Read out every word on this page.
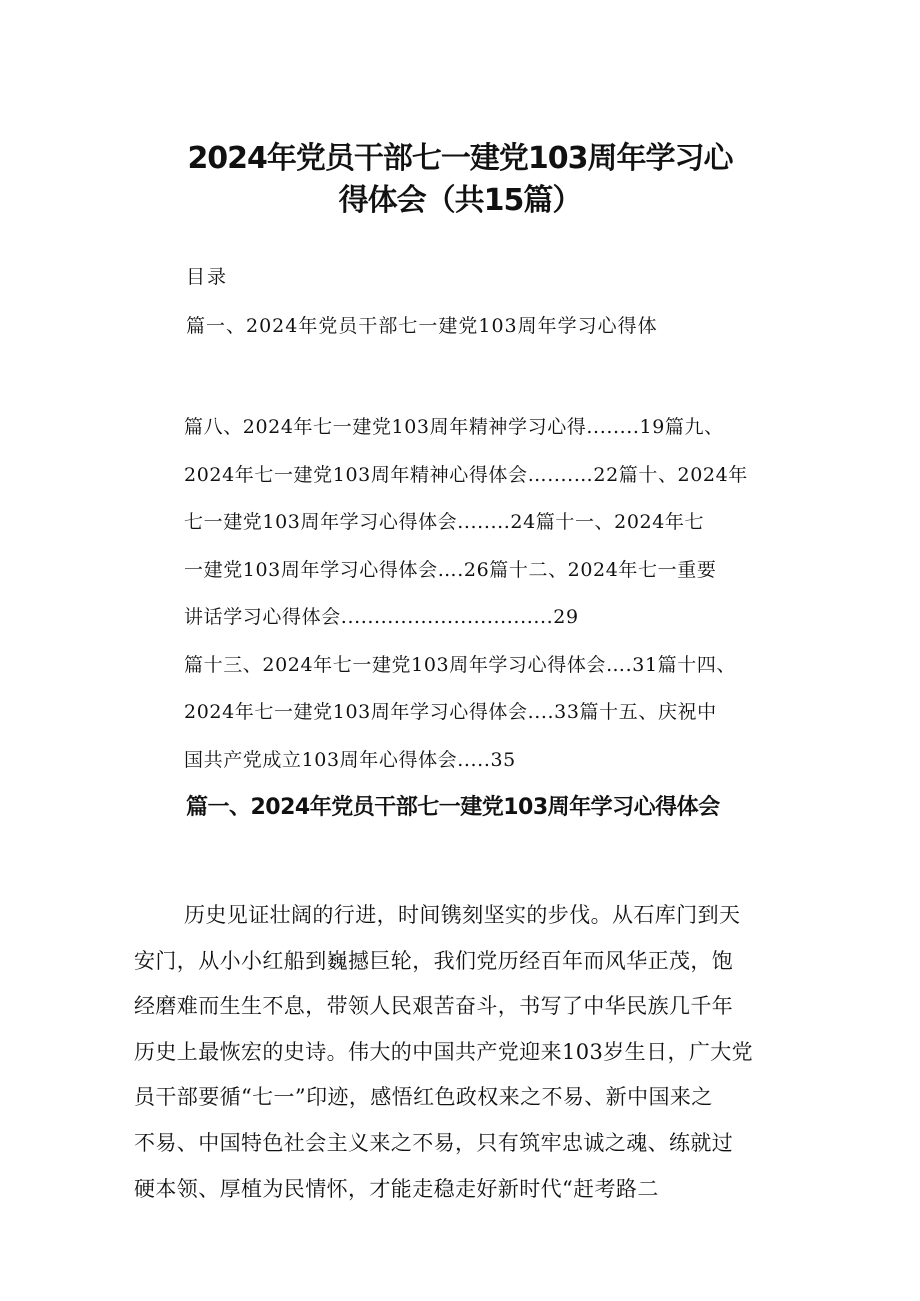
2024年党员干部七一建党103周年学习心
得体会（共15篇）
目录
篇一、2024年党员干部七一建党103周年学习心得体
篇八、2024年七一建党103周年精神学习心得........19篇九、
2024年七一建党103周年精神心得体会…....…22篇十、2024年
七一建党103周年学习心得体会........24篇十一、2024年七
一建党103周年学习心得体会….26篇十二、2024年七一重要
讲话学习心得体会................................29
篇十三、2024年七一建党103周年学习心得体会….31篇十四、
2024年七一建党103周年学习心得体会....33篇十五、庆祝中
国共产党成立103周年心得体会.....35
篇一、2024年党员干部七一建党103周年学习心得体会
历史见证壮阔的行进，时间镌刻坚实的步伐。从石库门到天
安门，从小小红船到巍撼巨轮，我们党历经百年而风华正茂，饱
经磨难而生生不息，带领人民艰苦奋斗，书写了中华民族几千年
历史上最恢宏的史诗。伟大的中国共产党迎来103岁生日，广大党
员干部要循“七一”印迹，感悟红色政权来之不易、新中国来之
不易、中国特色社会主义来之不易，只有筑牢忠诚之魂、练就过
硬本领、厚植为民情怀，才能走稳走好新时代“赶考路二
